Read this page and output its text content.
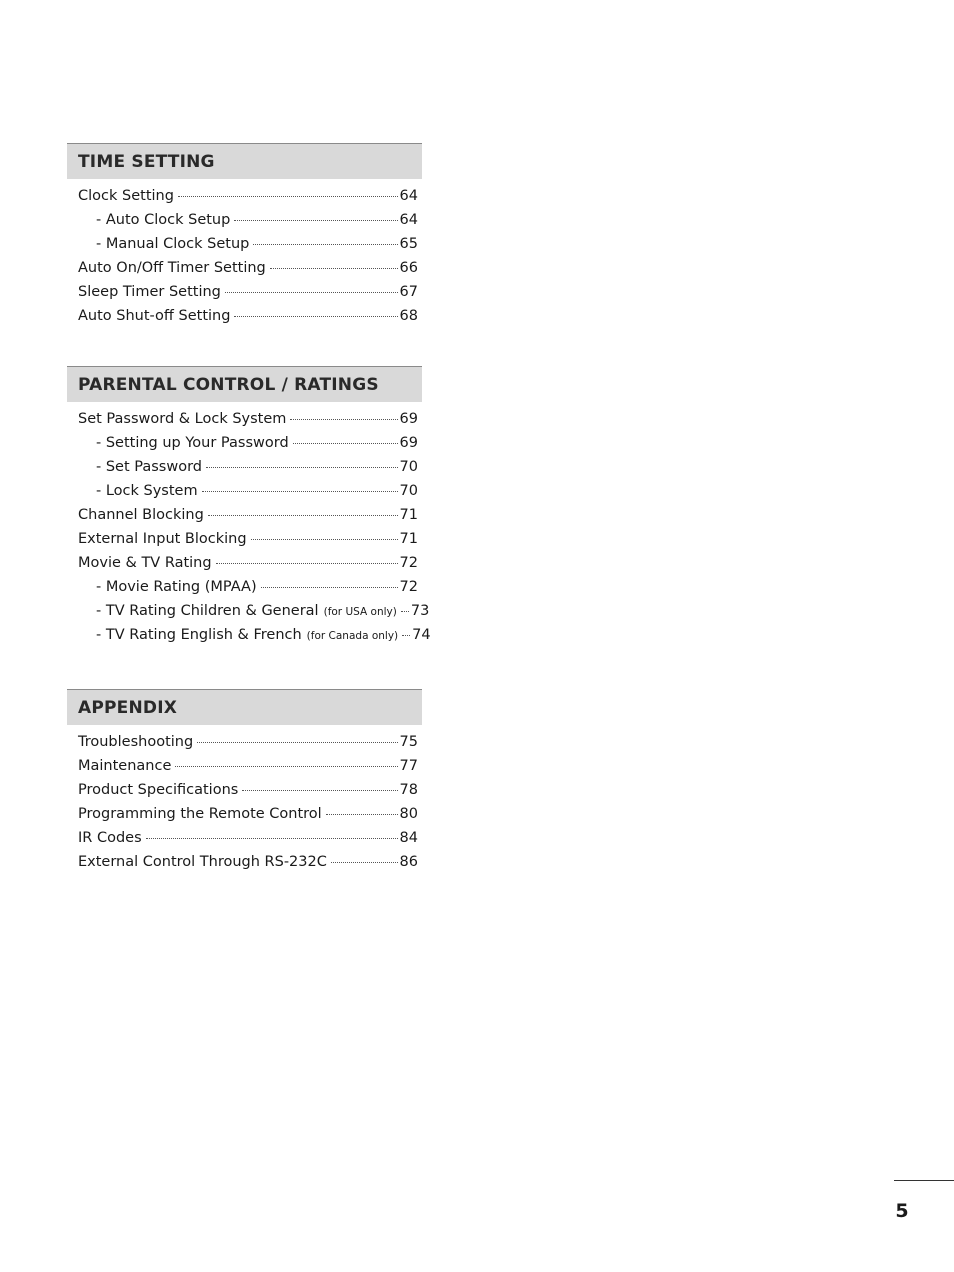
TIME SETTING
Clock Setting	64
- Auto Clock Setup	64
- Manual Clock Setup	65
Auto On/Off Timer Setting	66
Sleep Timer Setting	67
Auto Shut-off Setting	68
PARENTAL CONTROL / RATINGS
Set Password & Lock System	69
- Setting up Your Password	69
- Set Password	70
- Lock System	70
Channel Blocking	71
External Input Blocking	71
Movie & TV Rating	72
- Movie Rating (MPAA)	72
- TV Rating Children & General (for USA only) 73
- TV Rating English & French (for Canada only) 74
APPENDIX
Troubleshooting	75
Maintenance	77
Product Specifications	78
Programming the Remote Control	80
IR Codes	84
External Control Through RS-232C	86
5
